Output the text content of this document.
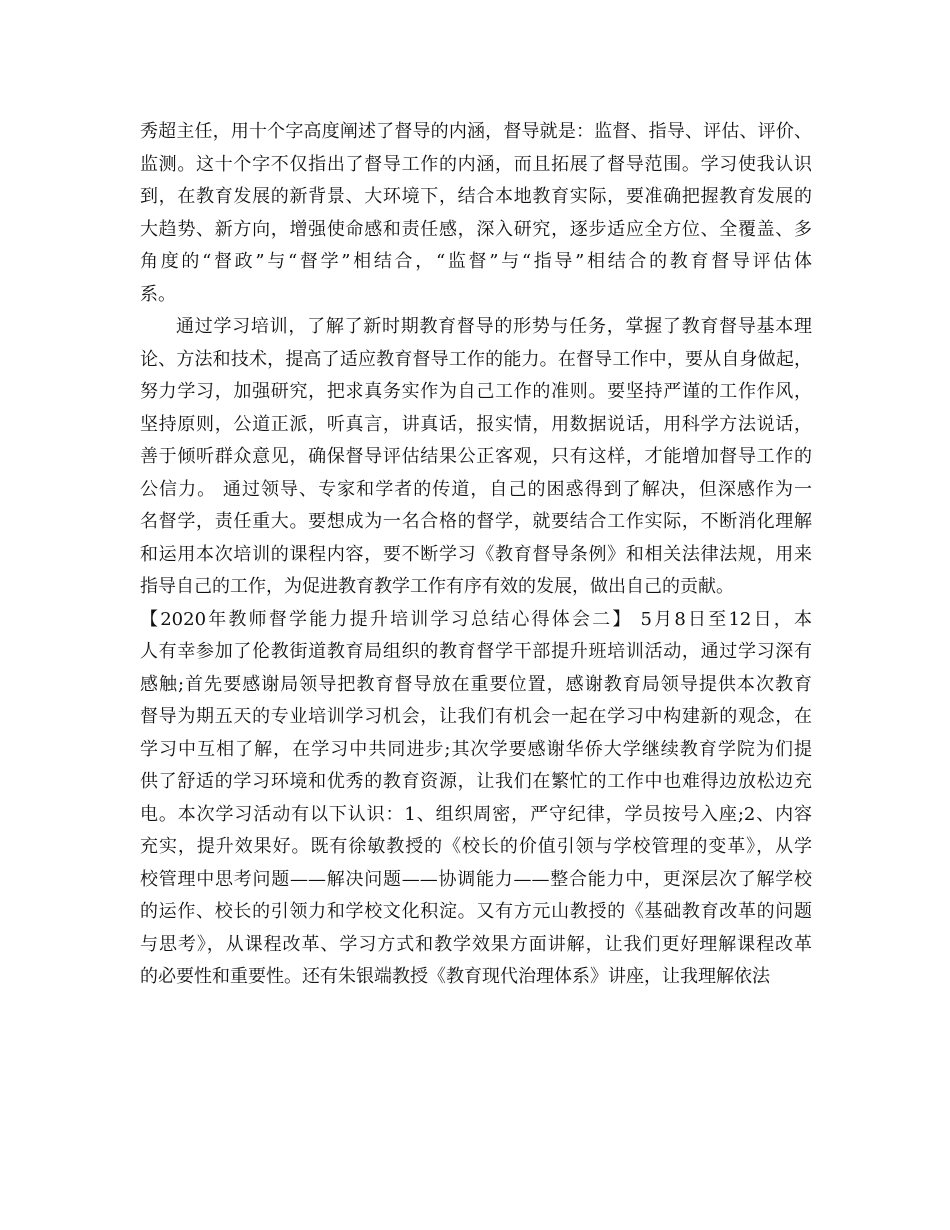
秀超主任，用十个字高度阐述了督导的内涵，督导就是：监督、指导、评估、评价、
监测。这十个字不仅指出了督导工作的内涵，而且拓展了督导范围。学习使我认识
到，在教育发展的新背景、大环境下，结合本地教育实际，要准确把握教育发展的
大趋势、新方向，增强使命感和责任感，深入研究，逐步适应全方位、全覆盖、多
角度的“督政”与“督学”相结合，“监督”与“指导”相结合的教育督导评估体
系。
通过学习培训，了解了新时期教育督导的形势与任务，掌握了教育督导基本理
论、方法和技术，提高了适应教育督导工作的能力。在督导工作中，要从自身做起，
努力学习，加强研究，把求真务实作为自己工作的准则。要坚持严谨的工作作风，
坚持原则，公道正派，听真言，讲真话，报实情，用数据说话，用科学方法说话，
善于倾听群众意见，确保督导评估结果公正客观，只有这样，才能增加督导工作的
公信力。 通过领导、专家和学者的传道，自己的困惑得到了解决，但深感作为一
名督学，责任重大。要想成为一名合格的督学，就要结合工作实际，不断消化理解
和运用本次培训的课程内容，要不断学习《教育督导条例》和相关法律法规，用来
指导自己的工作，为促进教育教学工作有序有效的发展，做出自己的贡献。
【2020年教师督学能力提升培训学习总结心得体会二】 5月8日至12日，本
人有幸参加了伦教街道教育局组织的教育督学干部提升班培训活动，通过学习深有
感触;首先要感谢局领导把教育督导放在重要位置，感谢教育局领导提供本次教育
督导为期五天的专业培训学习机会，让我们有机会一起在学习中构建新的观念，在
学习中互相了解，在学习中共同进步;其次学要感谢华侨大学继续教育学院为们提
供了舒适的学习环境和优秀的教育资源，让我们在繁忙的工作中也难得边放松边充
电。本次学习活动有以下认识：1、组织周密，严守纪律，学员按号入座;2、内容
充实，提升效果好。既有徐敏教授的《校长的价值引领与学校管理的变革》，从学
校管理中思考问题——解决问题——协调能力——整合能力中，更深层次了解学校
的运作、校长的引领力和学校文化积淀。又有方元山教授的《基础教育改革的问题
与思考》，从课程改革、学习方式和教学效果方面讲解，让我们更好理解课程改革
的必要性和重要性。还有朱银端教授《教育现代治理体系》讲座，让我理解依法
